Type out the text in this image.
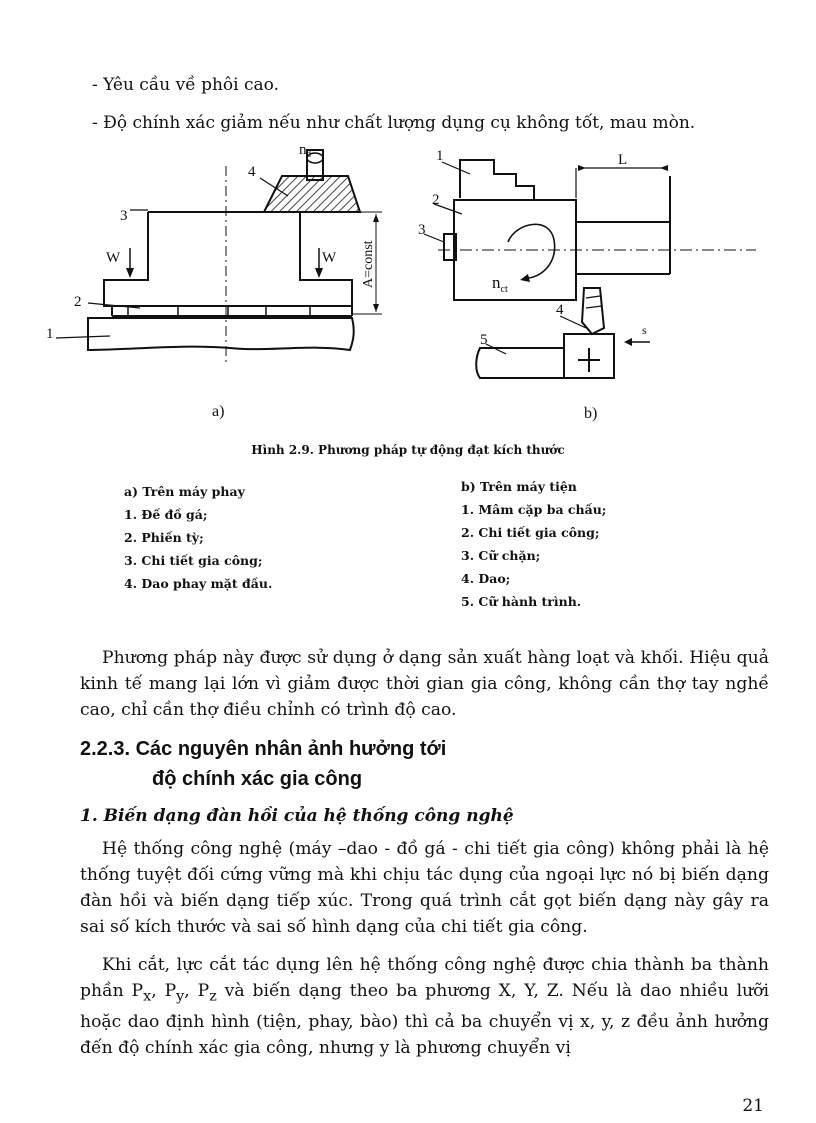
- Yêu cầu về phôi cao.
- Độ chính xác giảm nếu như chất lượng dụng cụ không tốt, mau mòn.
$n_d$
4
3
2
1
W	W A=const
a)
1
2
3
4
5
L
$n_{ct}$
s
b)
Hình 2.9. Phương pháp tự động đạt kích thước
a) Trên máy phay
1. Đế đồ gá;
2. Phiến tỳ;
3. Chi tiết gia công;
4. Dao phay mặt đầu.
b) Trên máy tiện
1. Mâm cặp ba chấu;
2. Chi tiết gia công;
3. Cữ chặn;
4. Dao;
5. Cữ hành trình.
Phương pháp này được sử dụng ở dạng sản xuất hàng loạt và khối. Hiệu quả kinh tế mang lại lớn vì giảm được thời gian gia công, không cần thợ tay nghề cao, chỉ cần thợ điều chỉnh có trình độ cao.
2.2.3. Các nguyên nhân ảnh hưởng tới
độ chính xác gia công
1. Biến dạng đàn hồi của hệ thống công nghệ
Hệ thống công nghệ (máy –dao - đồ gá - chi tiết gia công) không phải là hệ thống tuyệt đối cứng vững mà khi chịu tác dụng của ngoại lực nó bị biến dạng đàn hồi và biến dạng tiếp xúc. Trong quá trình cắt gọt biến dạng này gây ra sai số kích thước và sai số hình dạng của chi tiết gia công.
Khi cắt, lực cắt tác dụng lên hệ thống công nghệ được chia thành ba thành phần $P_x$, $P_y$, $P_z$ và biến dạng theo ba phương X, Y, Z. Nếu là dao nhiều lưỡi hoặc dao định hình (tiện, phay, bào) thì cả ba chuyển vị x, y, z đều ảnh hưởng đến độ chính xác gia công, nhưng y là phương chuyển vị
21
